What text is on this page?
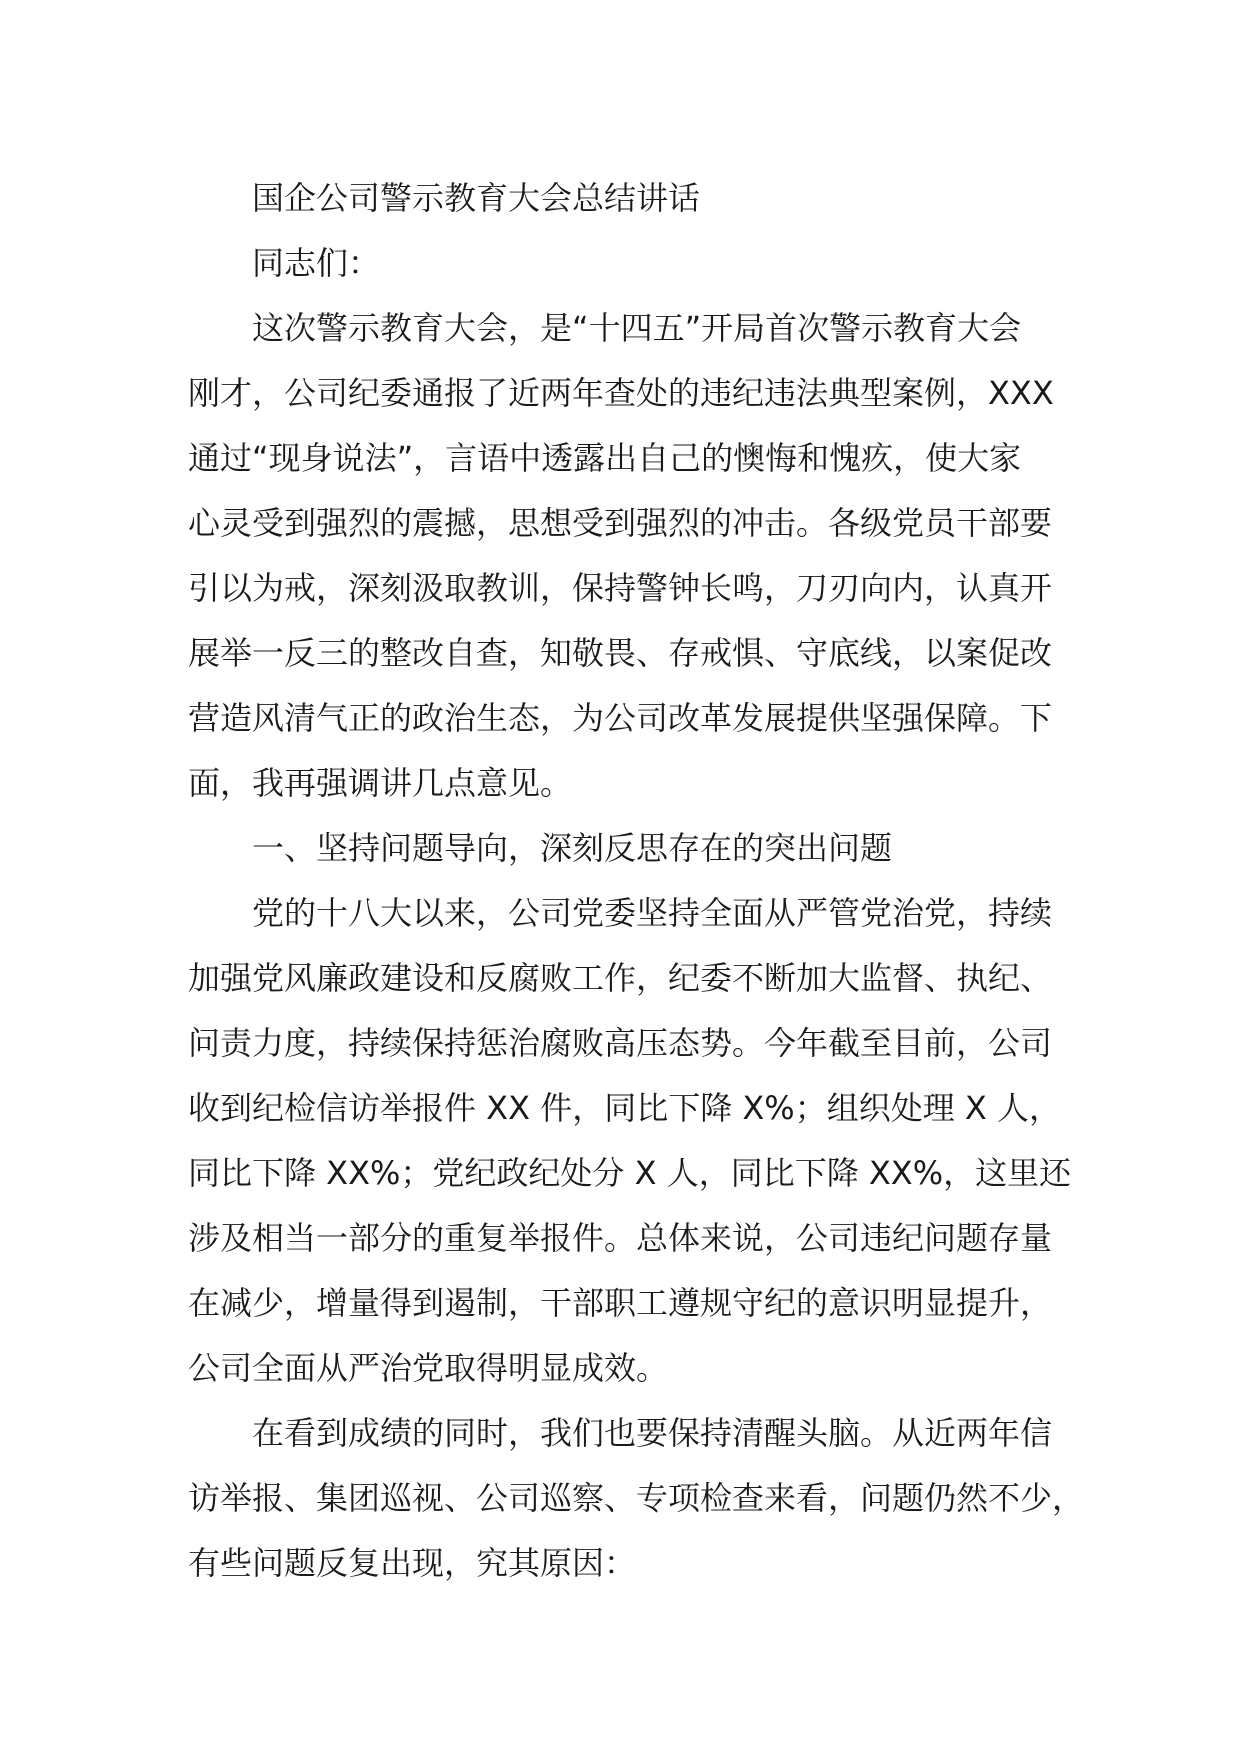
国企公司警示教育大会总结讲话
同志们：
这次警示教育大会，是“十四五”开局首次警示教育大会
刚才，公司纪委通报了近两年查处的违纪违法典型案例，XXX
通过“现身说法”，言语中透露出自己的懊悔和愧疚，使大家
心灵受到强烈的震撼，思想受到强烈的冲击。各级党员干部要
引以为戒，深刻汲取教训，保持警钟长鸣，刀刃向内，认真开
展举一反三的整改自查，知敬畏、存戒惧、守底线，以案促改
营造风清气正的政治生态，为公司改革发展提供坚强保障。下
面，我再强调讲几点意见。
一、坚持问题导向，深刻反思存在的突出问题
党的十八大以来，公司党委坚持全面从严管党治党，持续
加强党风廉政建设和反腐败工作，纪委不断加大监督、执纪、
问责力度，持续保持惩治腐败高压态势。今年截至目前，公司
收到纪检信访举报件 XX 件，同比下降 X%；组织处理 X 人，
同比下降 XX%；党纪政纪处分 X 人，同比下降 XX%，这里还
涉及相当一部分的重复举报件。总体来说，公司违纪问题存量
在减少，增量得到遏制，干部职工遵规守纪的意识明显提升，
公司全面从严治党取得明显成效。
在看到成绩的同时，我们也要保持清醒头脑。从近两年信
访举报、集团巡视、公司巡察、专项检查来看，问题仍然不少，
有些问题反复出现，究其原因：
